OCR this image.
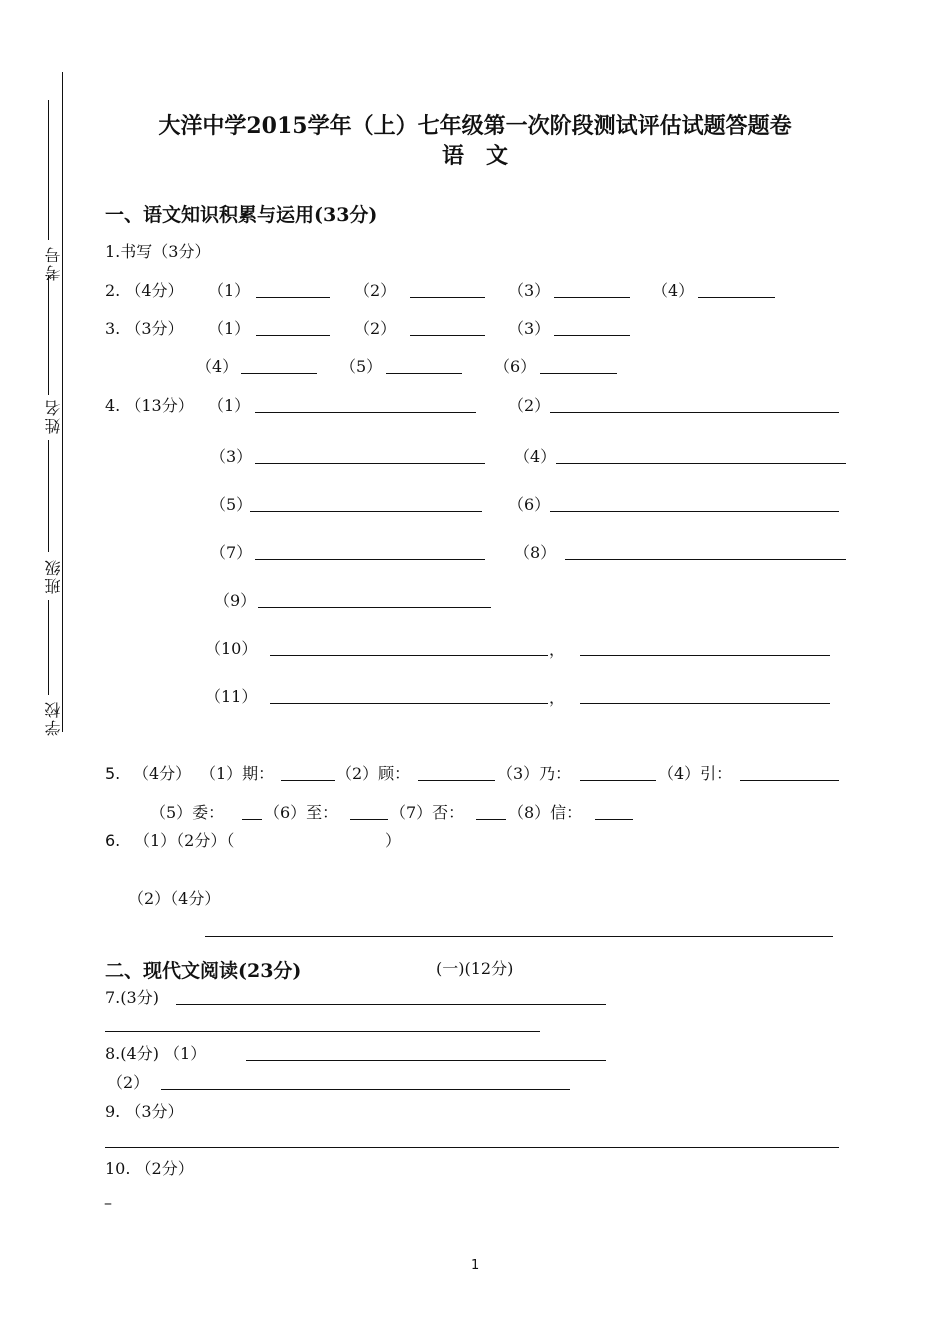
考号
姓名
班级
学校
大洋中学2015学年（上）七年级第一次阶段测试评估试题答题卷
语　文
一、语文知识积累与运用(33分)
1.书写（3分）
2. （4分） （1）	（2）	（3）	（4）
3. （3分） （1）	（2）	（3）
（4）	（5）	（6）
4. （13分） （1）	（2）
（3）	（4）
（5）	（6）
（7）	（8）
（9）
（10）	，
（11）	，
5. （4分） （1）期：	（2）顾：	（3）乃：	（4）引：
（5）委： （6）至：	（7）否：	（8）信：
6. （1）（2分）（	）
（2）（4分）
二、现代文阅读(23分)	(一)(12分)
7.(3分)
8.(4分) （1）
（2）
9. （3分）
10. （2分）
–
1
